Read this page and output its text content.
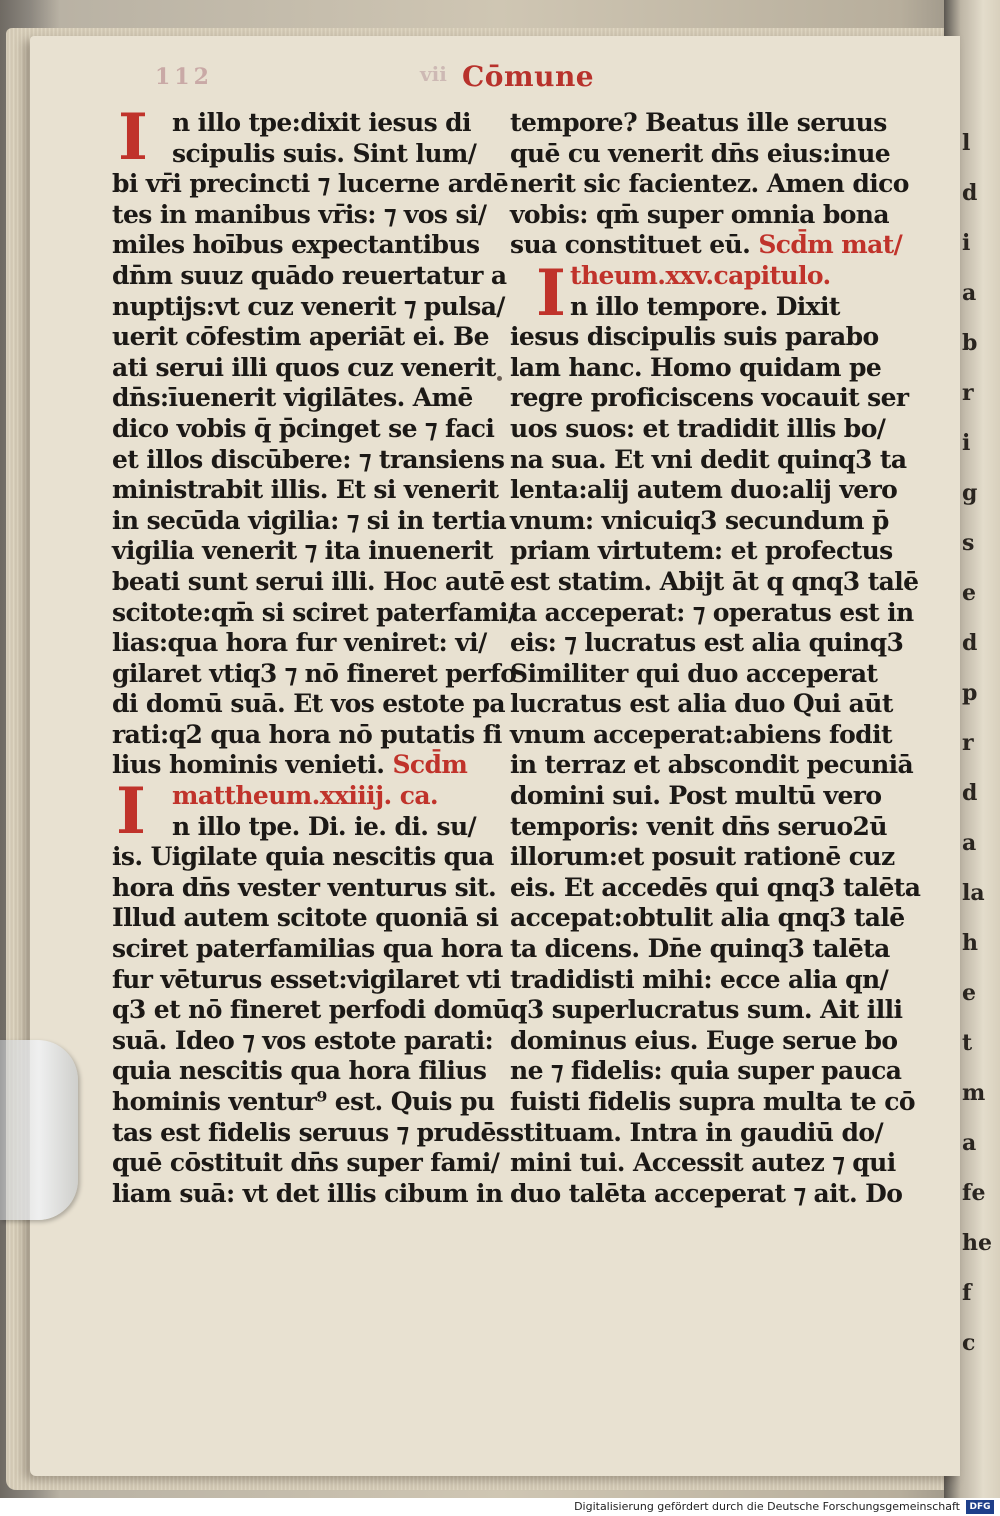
l
d
i
a
b
r
i
g
s
e
d
p
r
d
a
la
h
e
t
m
a
fe
he
f
c
112	vii Cōmune
I
I
I
n illo tpe:dixit iesus di
scipulis suis. Sint lum/
bi vr̄i precincti ⁊ lucerne ardē
tes in manibus vr̄is: ⁊ vos si/
miles hoībus expectantibus
dn̄m suuz quādo reuertatur a
nuptijs:vt cuz venerit ⁊ pulsa/
uerit cōfestim aperiāt ei. Be
ati serui illi quos cuz venerit
dn̄s:īuenerit vigilātes. Amē
dico vobis q̄ p̄cinget se ⁊ faci
et illos discūbere: ⁊ transiens
ministrabit illis. Et si venerit
in secūda vigilia: ⁊ si in tertia
vigilia venerit ⁊ ita inuenerit
beati sunt serui illi. Hoc autē
scitote:qm̄ si sciret paterfami/
lias:qua hora fur veniret: vi/
gilaret vtiq3 ⁊ nō fineret perfo
di domū suā. Et vos estote pa
rati:q2 qua hora nō putatis fi
lius hominis venieti. Scd̄m
mattheum.xxiiij. ca.
n illo tpe. Di. ie. di. su/
is. Uigilate quia nescitis qua
hora dn̄s vester venturus sit.
Illud autem scitote quoniā si
sciret paterfamilias qua hora
fur vēturus esset:vigilaret vti
q3 et nō fineret perfodi domū
suā. Ideo ⁊ vos estote parati:
quia nescitis qua hora filius
hominis ventur⁹ est. Quis pu
tas est fidelis seruus ⁊ prudēs
quē cōstituit dn̄s super fami/
liam suā: vt det illis cibum in
tempore? Beatus ille seruus
quē cu venerit dn̄s eius:inue
nerit sic facientez. Amen dico
vobis: qm̄ super omnia bona
sua constituet eū. Scd̄m mat/
theum.xxv.capitulo.
n illo tempore. Dixit
iesus discipulis suis parabo
lam hanc. Homo quidam pe
regre proficiscens vocauit ser
uos suos: et tradidit illis bo/
na sua. Et vni dedit quinq3 ta
lenta:alij autem duo:alij vero
vnum: vnicuiq3 secundum p̄
priam virtutem: et profectus
est statim. Abijt āt q qnq3 talē
ta acceperat: ⁊ operatus est in
eis: ⁊ lucratus est alia quinq3
Similiter qui duo acceperat
lucratus est alia duo Qui aūt
vnum acceperat:abiens fodit
in terraz et abscondit pecuniā
domini sui. Post multū vero
temporis: venit dn̄s seruo2ū
illorum:et posuit rationē cuz
eis. Et accedēs qui qnq3 talēta
accepat:obtulit alia qnq3 talē
ta dicens. Dn̄e quinq3 talēta
tradidisti mihi: ecce alia qn/
q3 superlucratus sum. Ait illi
dominus eius. Euge serue bo
ne ⁊ fidelis: quia super pauca
fuisti fidelis supra multa te cō
stituam. Intra in gaudiū do/
mini tui. Accessit autez ⁊ qui
duo talēta acceperat ⁊ ait. Do
Digitalisierung gefördert durch die Deutsche Forschungsgemeinschaft	DFG
